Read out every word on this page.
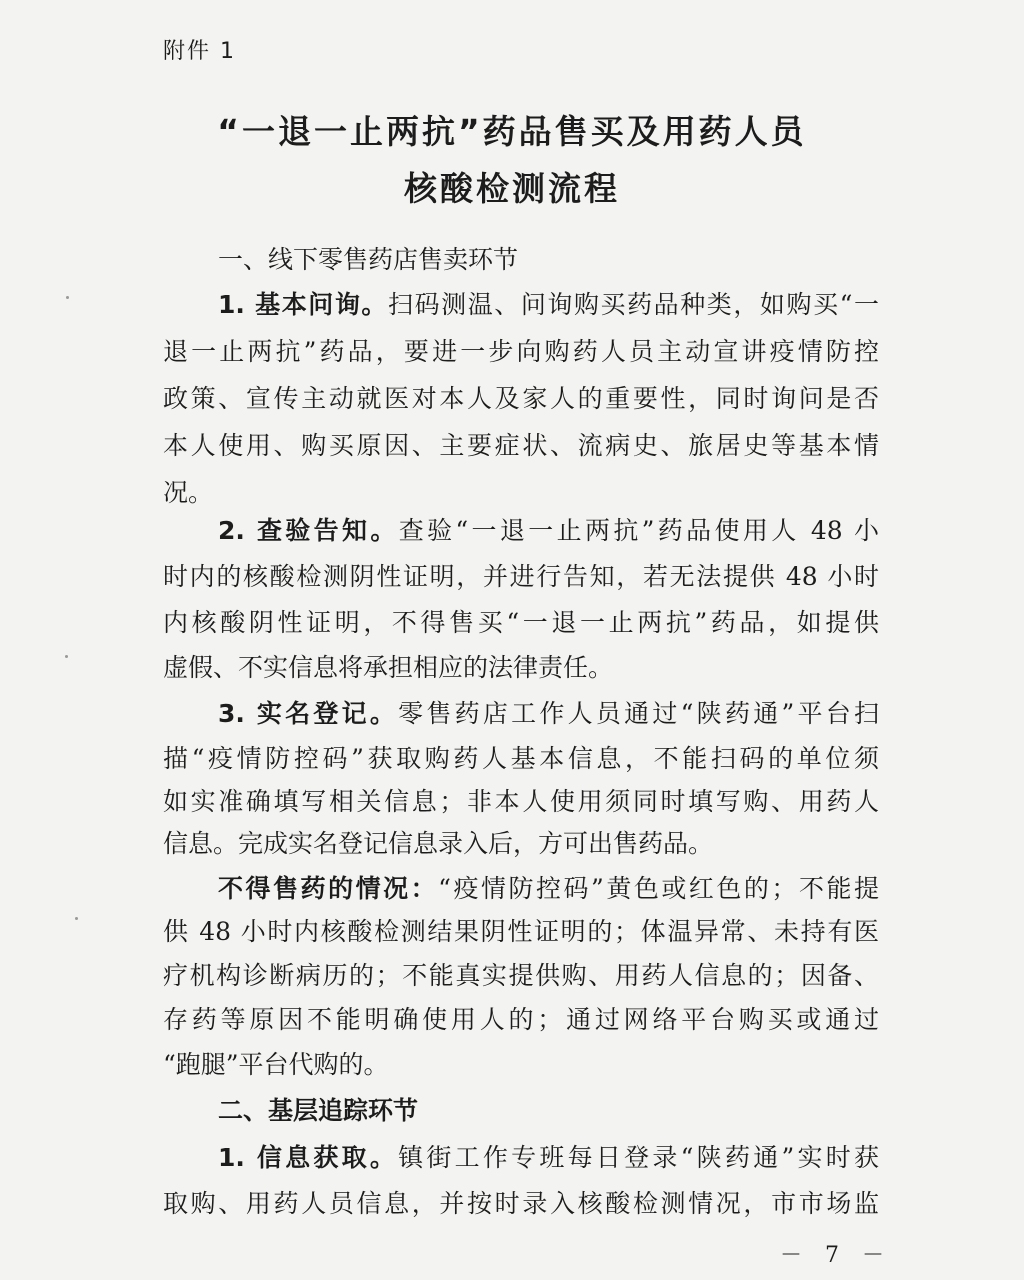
附件 1
“一退一止两抗”药品售买及用药人员
核酸检测流程
一、线下零售药店售卖环节
1. 基本问询。扫码测温、问询购买药品种类，如购买“一
退一止两抗”药品，要进一步向购药人员主动宣讲疫情防控
政策、宣传主动就医对本人及家人的重要性，同时询问是否
本人使用、购买原因、主要症状、流病史、旅居史等基本情
况。
2. 查验告知。查验“一退一止两抗”药品使用人 48 小
时内的核酸检测阴性证明，并进行告知，若无法提供 48 小时
内核酸阴性证明，不得售买“一退一止两抗”药品，如提供
虚假、不实信息将承担相应的法律责任。
3. 实名登记。零售药店工作人员通过“陕药通”平台扫
描“疫情防控码”获取购药人基本信息，不能扫码的单位须
如实准确填写相关信息；非本人使用须同时填写购、用药人
信息。完成实名登记信息录入后，方可出售药品。
不得售药的情况：“疫情防控码”黄色或红色的；不能提
供 48 小时内核酸检测结果阴性证明的；体温异常、未持有医
疗机构诊断病历的；不能真实提供购、用药人信息的；因备、
存药等原因不能明确使用人的；通过网络平台购买或通过
“跑腿”平台代购的。
二、基层追踪环节
1. 信息获取。镇街工作专班每日登录“陕药通”实时获
取购、用药人员信息，并按时录入核酸检测情况，市市场监
－ 7 －
